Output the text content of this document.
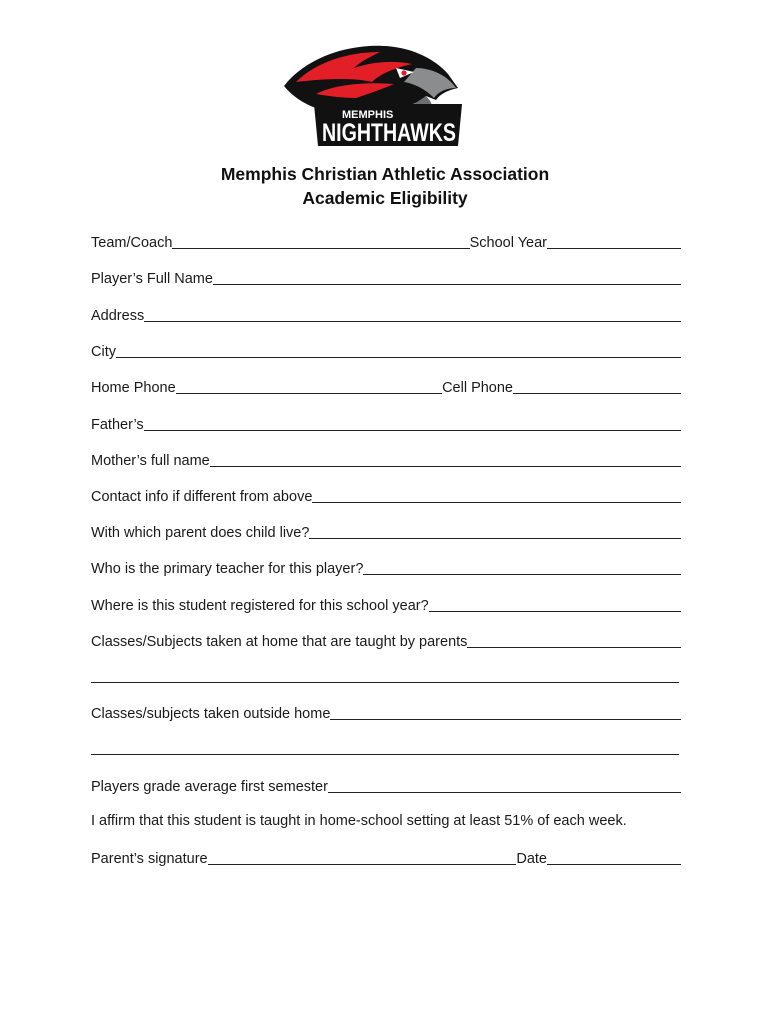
MEMPHIS
NIGHTHAWKS
Memphis Christian Athletic Association
Academic Eligibility
Team/Coach	School Year
Player’s Full Name
Address
City
Home Phone	Cell Phone
Father’s
Mother’s full name
Contact info if different from above
With which parent does child live?
Who is the primary teacher for this player?
Where is this student registered for this school year?
Classes/Subjects taken at home that are taught by parents
Classes/subjects taken outside home
Players grade average first semester
I affirm that this student is taught in home-school setting at least 51% of each week.
Parent’s signature	Date
